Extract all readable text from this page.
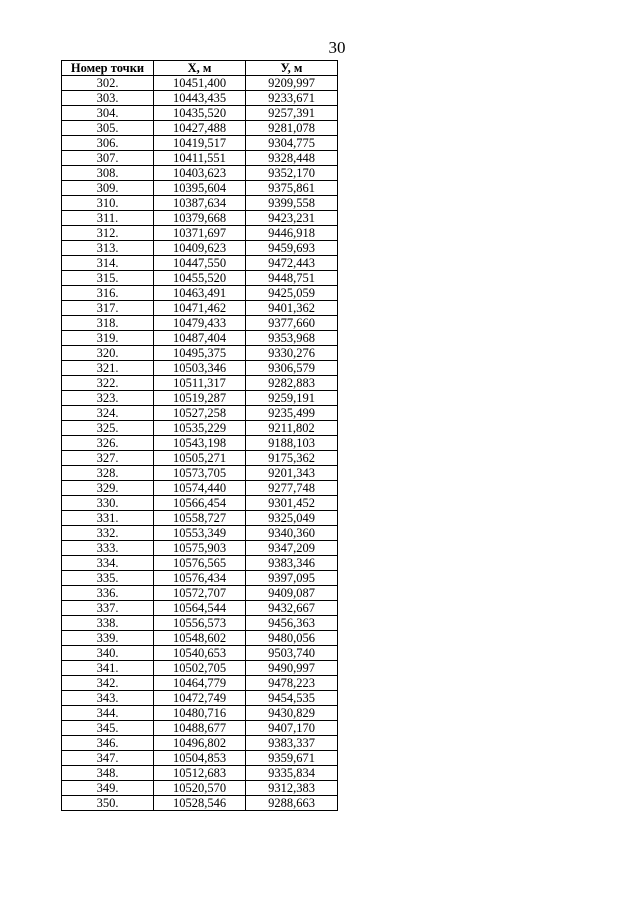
30
Номер точки	X, м	У, м
302.	10451,400	9209,997
303.	10443,435	9233,671
304.	10435,520	9257,391
305.	10427,488	9281,078
306.	10419,517	9304,775
307.	10411,551	9328,448
308.	10403,623	9352,170
309.	10395,604	9375,861
310.	10387,634	9399,558
311.	10379,668	9423,231
312.	10371,697	9446,918
313.	10409,623	9459,693
314.	10447,550	9472,443
315.	10455,520	9448,751
316.	10463,491	9425,059
317.	10471,462	9401,362
318.	10479,433	9377,660
319.	10487,404	9353,968
320.	10495,375	9330,276
321.	10503,346	9306,579
322.	10511,317	9282,883
323.	10519,287	9259,191
324.	10527,258	9235,499
325.	10535,229	9211,802
326.	10543,198	9188,103
327.	10505,271	9175,362
328.	10573,705	9201,343
329.	10574,440	9277,748
330.	10566,454	9301,452
331.	10558,727	9325,049
332.	10553,349	9340,360
333.	10575,903	9347,209
334.	10576,565	9383,346
335.	10576,434	9397,095
336.	10572,707	9409,087
337.	10564,544	9432,667
338.	10556,573	9456,363
339.	10548,602	9480,056
340.	10540,653	9503,740
341.	10502,705	9490,997
342.	10464,779	9478,223
343.	10472,749	9454,535
344.	10480,716	9430,829
345.	10488,677	9407,170
346.	10496,802	9383,337
347.	10504,853	9359,671
348.	10512,683	9335,834
349.	10520,570	9312,383
350.	10528,546	9288,663
